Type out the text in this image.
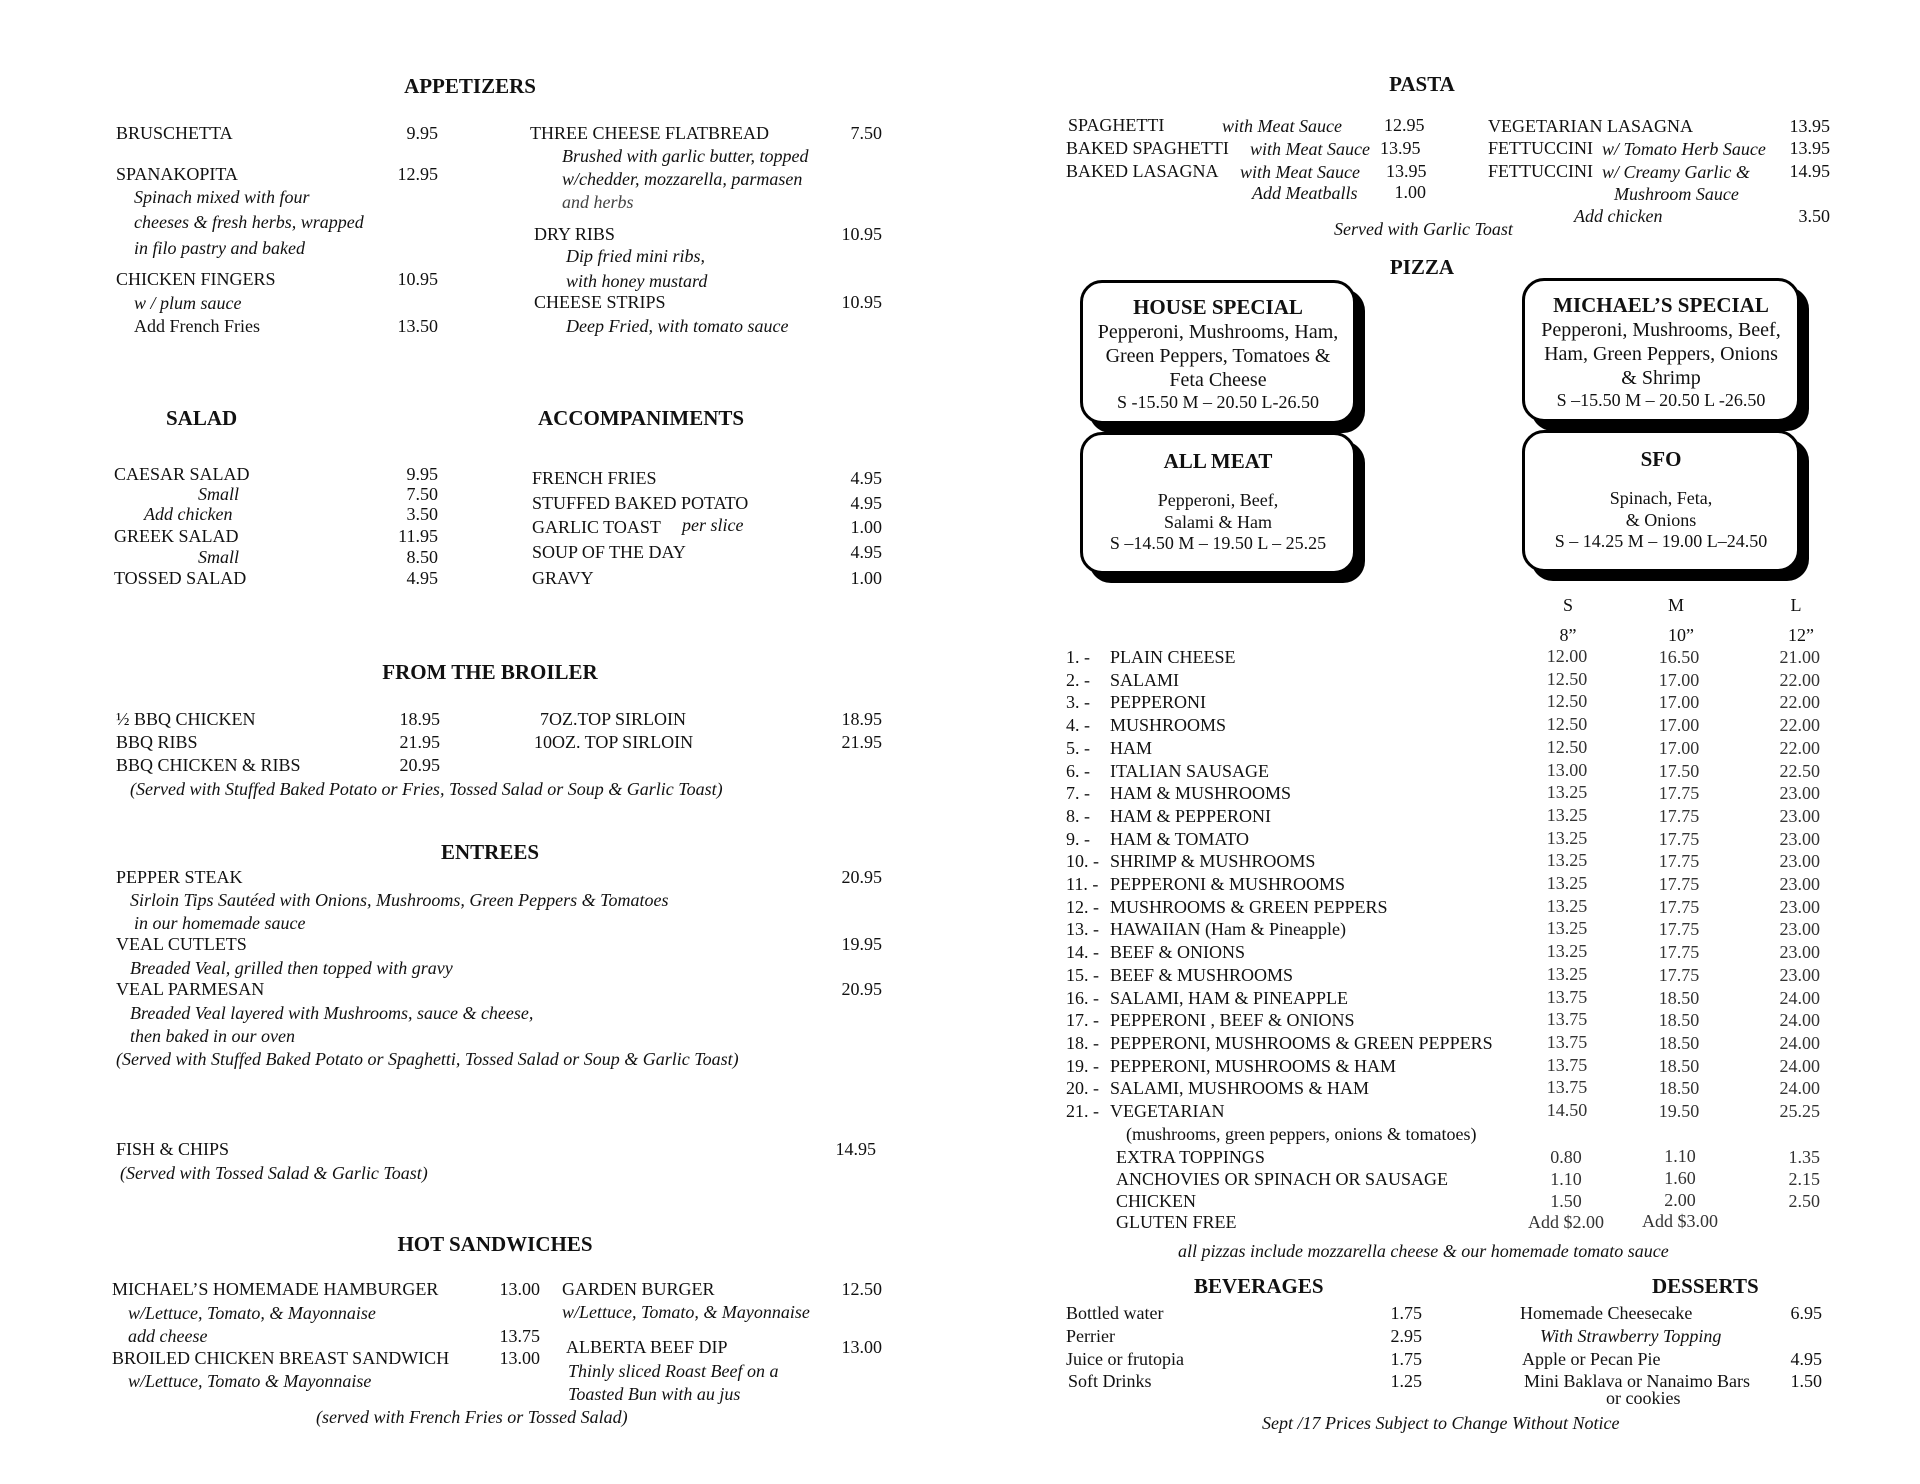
APPETIZERS
BRUSCHETTA	9.95
SPANAKOPITA	12.95
Spinach mixed with four
cheeses & fresh herbs, wrapped
in filo pastry and baked
CHICKEN FINGERS	10.95
w / plum sauce
Add French Fries	13.50
THREE CHEESE FLATBREAD	7.50
Brushed with garlic butter, topped
w/chedder, mozzarella, parmasen
and herbs
DRY RIBS	10.95
Dip fried mini ribs,
with honey mustard
CHEESE STRIPS	10.95
Deep Fried, with tomato sauce
SALAD
CAESAR SALAD	9.95
Small	7.50
Add chicken	3.50
GREEK SALAD	11.95
Small	8.50
TOSSED SALAD	4.95
ACCOMPANIMENTS
FRENCH FRIES	4.95
STUFFED BAKED POTATO	4.95
GARLIC TOAST per slice	1.00
SOUP OF THE DAY	4.95
GRAVY	1.00
FROM THE BROILER
½ BBQ CHICKEN	18.95
BBQ RIBS	21.95
BBQ CHICKEN & RIBS	20.95
7OZ.TOP SIRLOIN	18.95
10OZ. TOP SIRLOIN	21.95
(Served with Stuffed Baked Potato or Fries, Tossed Salad or Soup & Garlic Toast)
ENTREES
PEPPER STEAK	20.95
Sirloin Tips Sautéed with Onions, Mushrooms, Green Peppers & Tomatoes
in our homemade sauce
VEAL CUTLETS	19.95
Breaded Veal, grilled then topped with gravy
VEAL PARMESAN	20.95
Breaded Veal layered with Mushrooms, sauce & cheese,
then baked in our oven
(Served with Stuffed Baked Potato or Spaghetti, Tossed Salad or Soup & Garlic Toast)
FISH & CHIPS	14.95
(Served with Tossed Salad & Garlic Toast)
HOT SANDWICHES
MICHAEL’S HOMEMADE HAMBURGER	13.00
w/Lettuce, Tomato, & Mayonnaise
add cheese	13.75
BROILED CHICKEN BREAST SANDWICH	13.00
w/Lettuce, Tomato & Mayonnaise
GARDEN BURGER	12.50
w/Lettuce, Tomato, & Mayonnaise
ALBERTA BEEF DIP	13.00
Thinly sliced Roast Beef on a
Toasted Bun with au jus
(served with French Fries or Tossed Salad)
PASTA
SPAGHETTI	with Meat Sauce 12.95
BAKED SPAGHETTI with Meat Sauce 13.95
BAKED LASAGNA with Meat Sauce 13.95
Add Meatballs	1.00
VEGETARIAN LASAGNA	13.95
FETTUCCINI w/ Tomato Herb Sauce	13.95
FETTUCCINI w/ Creamy Garlic &	14.95
Mushroom Sauce
Add chicken	3.50
Served with Garlic Toast
PIZZA
HOUSE SPECIAL
Pepperoni, Mushrooms, Ham,
Green Peppers, Tomatoes &
Feta Cheese
S -15.50 M – 20.50 L-26.50
MICHAEL’S SPECIAL
Pepperoni, Mushrooms, Beef,
Ham, Green Peppers, Onions
& Shrimp
S –15.50 M – 20.50 L -26.50
ALL MEAT
Pepperoni, Beef,
Salami & Ham
S –14.50 M – 19.50 L – 25.25
SFO
Spinach, Feta,
& Onions
S – 14.25 M – 19.00 L–24.50
S	M	L
8”	10”	12”
1. - PLAIN CHEESE	12.00	16.50	21.00
2. - SALAMI	12.50	17.00	22.00
3. - PEPPERONI	12.50	17.00	22.00
4. - MUSHROOMS	12.50	17.00	22.00
5. - HAM	12.50	17.00	22.00
6. - ITALIAN SAUSAGE	13.00	17.50	22.50
7. - HAM & MUSHROOMS	13.25	17.75	23.00
8. - HAM & PEPPERONI	13.25	17.75	23.00
9. - HAM & TOMATO	13.25	17.75	23.00
10. - SHRIMP & MUSHROOMS	13.25	17.75	23.00
11. - PEPPERONI & MUSHROOMS	13.25	17.75	23.00
12. - MUSHROOMS & GREEN PEPPERS	13.25	17.75	23.00
13. - HAWAIIAN (Ham & Pineapple)	13.25	17.75	23.00
14. - BEEF & ONIONS	13.25	17.75	23.00
15. - BEEF & MUSHROOMS	13.25	17.75	23.00
16. - SALAMI, HAM & PINEAPPLE	13.75	18.50	24.00
17. - PEPPERONI , BEEF & ONIONS	13.75	18.50	24.00
18. - PEPPERONI, MUSHROOMS & GREEN PEPPERS	13.75	18.50	24.00
19. - PEPPERONI, MUSHROOMS & HAM	13.75	18.50	24.00
20. - SALAMI, MUSHROOMS & HAM	13.75	18.50	24.00
21. - VEGETARIAN	14.50	19.50	25.25
(mushrooms, green peppers, onions & tomatoes)
EXTRA TOPPINGS	0.80	1.10	1.35
ANCHOVIES OR SPINACH OR SAUSAGE	1.10	1.60	2.15
CHICKEN	1.50	2.00	2.50
GLUTEN FREE	Add $2.00	Add $3.00
all pizzas include mozzarella cheese & our homemade tomato sauce
BEVERAGES
Bottled water	1.75
Perrier	2.95
Juice or frutopia	1.75
Soft Drinks	1.25
DESSERTS
Homemade Cheesecake	6.95
With Strawberry Topping
Apple or Pecan Pie	4.95
Mini Baklava or Nanaimo Bars
or cookies
1.50
Sept /17 Prices Subject to Change Without Notice
